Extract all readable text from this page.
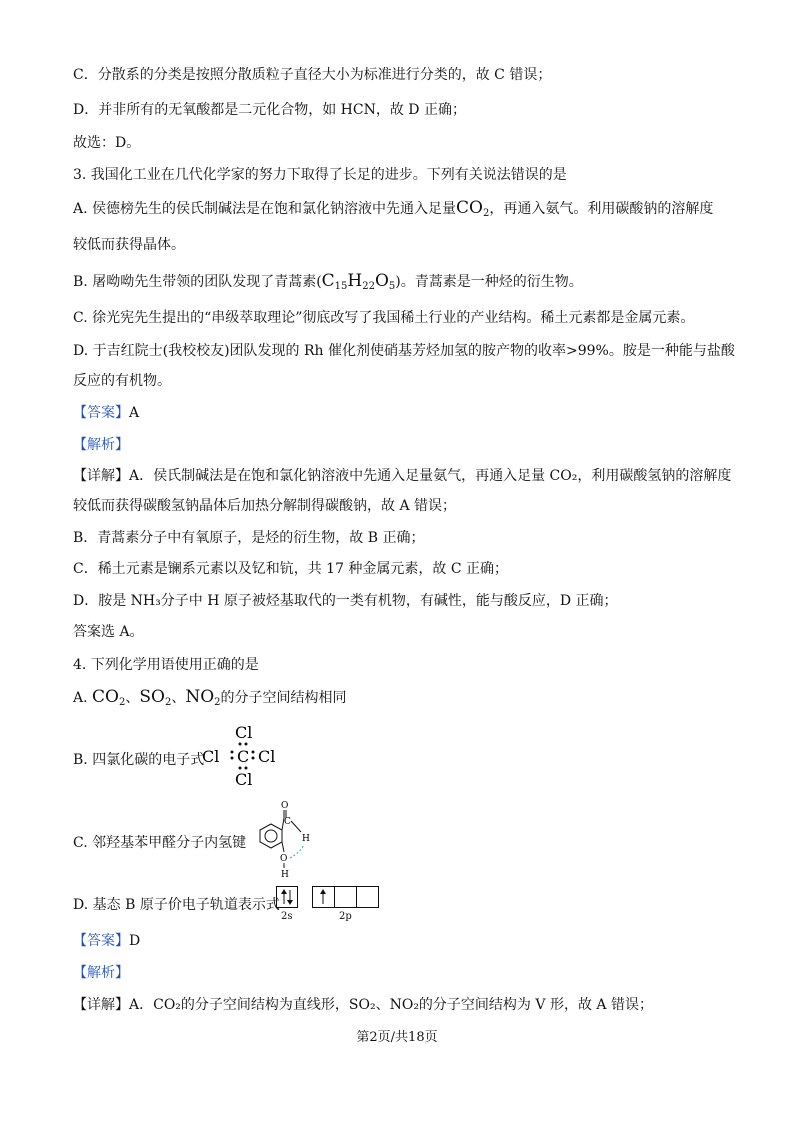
C．分散系的分类是按照分散质粒子直径大小为标准进行分类的，故 C 错误；
D．并非所有的无氧酸都是二元化合物，如 HCN，故 D 正确；
故选：D。
3. 我国化工业在几代化学家的努力下取得了长足的进步。下列有关说法错误的是
A. 侯德榜先生的侯氏制碱法是在饱和氯化钠溶液中先通入足量$CO_2$，再通入氨气。利用碳酸钠的溶解度
较低而获得晶体。
B. 屠呦呦先生带领的团队发现了青蒿素$(C_{15}H_{22}O_5)$。青蒿素是一种烃的衍生物。
C. 徐光宪先生提出的“串级萃取理论”彻底改写了我国稀土行业的产业结构。稀土元素都是金属元素。
D. 于吉红院士(我校校友)团队发现的 Rh 催化剂使硝基芳烃加氢的胺产物的收率>99%。胺是一种能与盐酸
反应的有机物。
【答案】A
【解析】
【详解】A．侯氏制碱法是在饱和氯化钠溶液中先通入足量氨气，再通入足量 CO₂，利用碳酸氢钠的溶解度
较低而获得碳酸氢钠晶体后加热分解制得碳酸钠，故 A 错误；
B．青蒿素分子中有氧原子，是烃的衍生物，故 B 正确；
C．稀土元素是镧系元素以及钇和钪，共 17 种金属元素，故 C 正确；
D．胺是 NH₃分子中 H 原子被烃基取代的一类有机物，有碱性，能与酸反应，D 正确；
答案选 A。
4. 下列化学用语使用正确的是
A. $CO_2$、$SO_2$、$NO_2$的分子空间结构相同
B. 四氯化碳的电子式
Cl
Cl C Cl
Cl
C. 邻羟基苯甲醛分子内氢键
O
C
H
O
H
D. 基态 B 原子价电子轨道表示式
2s	2p
【答案】D
【解析】
【详解】A．CO₂的分子空间结构为直线形，SO₂、NO₂的分子空间结构为 V 形，故 A 错误；
第2页/共18页
